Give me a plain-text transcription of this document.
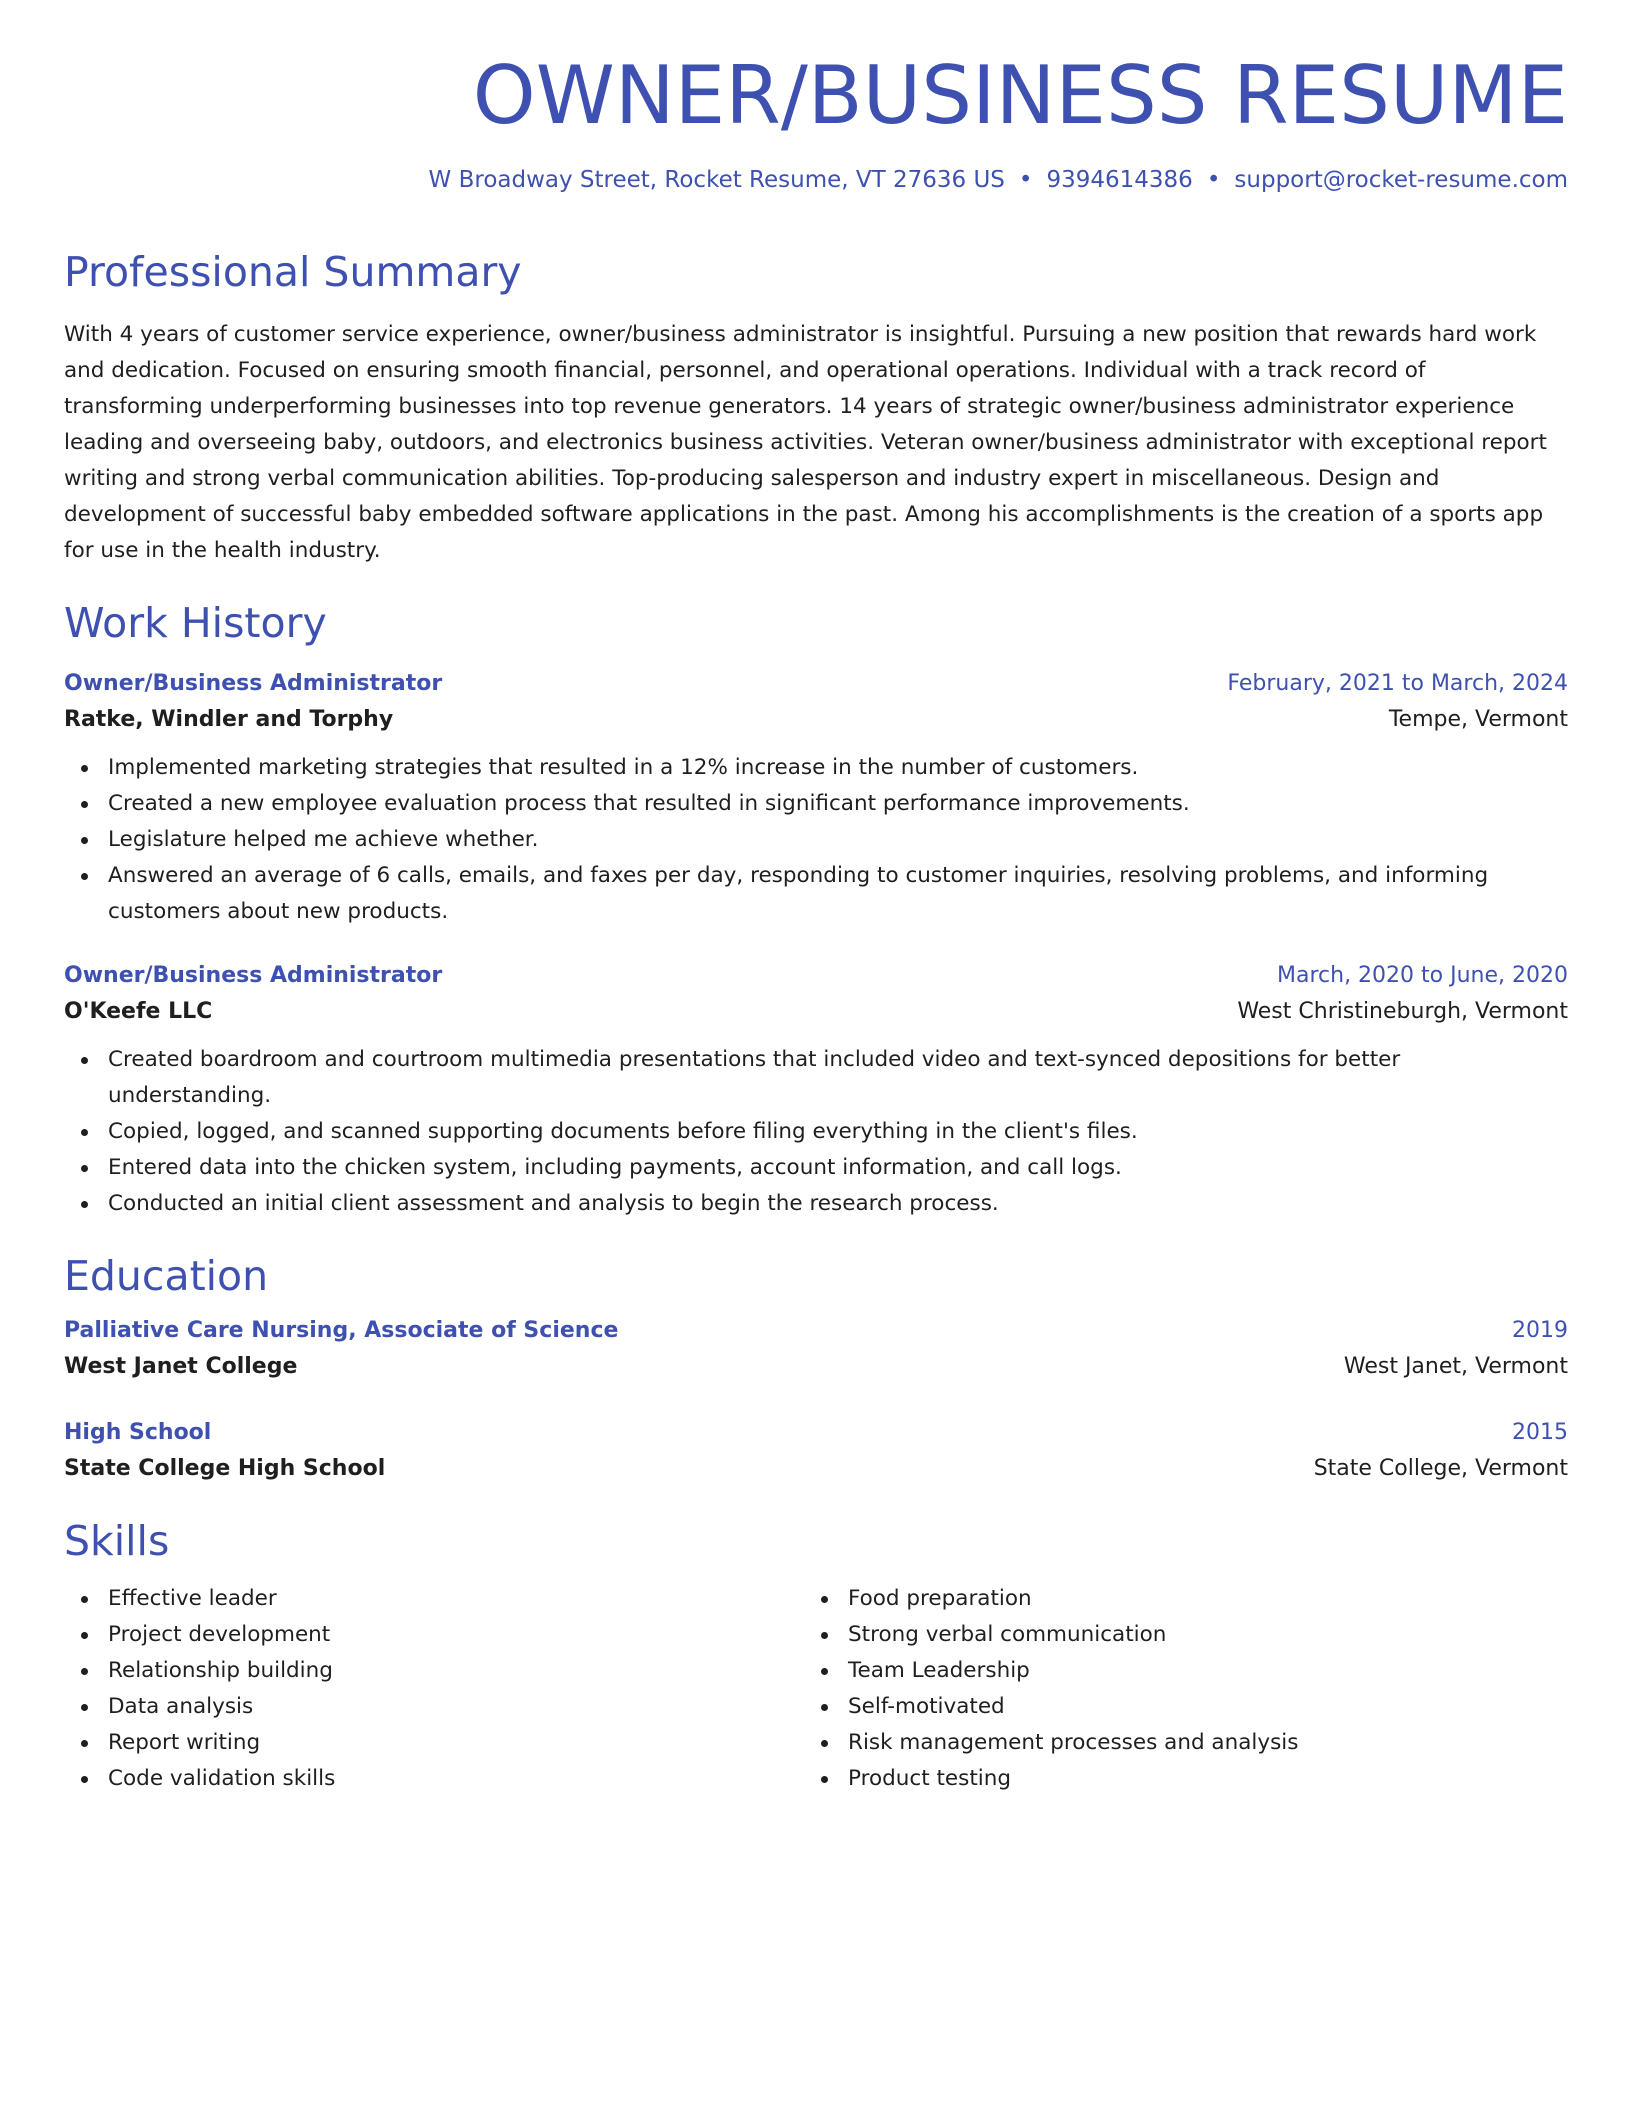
OWNER/BUSINESS RESUME
W Broadway Street, Rocket Resume, VT 27636 US • 9394614386 • support@rocket-resume.com
Professional Summary

With 4 years of customer service experience, owner/business administrator is insightful. Pursuing a new position that rewards hard work and dedication. Focused on ensuring smooth financial, personnel, and operational operations. Individual with a track record of transforming underperforming businesses into top revenue generators. 14 years of strategic owner/business administrator experience leading and overseeing baby, outdoors, and electronics business activities. Veteran owner/business administrator with exceptional report writing and strong verbal communication abilities. Top-producing salesperson and industry expert in miscellaneous. Design and development of successful baby embedded software applications in the past. Among his accomplishments is the creation of a sports app for use in the health industry.

Work History
Owner/Business Administrator	February, 2021 to March, 2024
Ratke, Windler and Torphy	Tempe, Vermont
Implemented marketing strategies that resulted in a 12% increase in the number of customers.
Created a new employee evaluation process that resulted in significant performance improvements.
Legislature helped me achieve whether.
Answered an average of 6 calls, emails, and faxes per day, responding to customer inquiries, resolving problems, and informing customers about new products.
Owner/Business Administrator	March, 2020 to June, 2020
O'Keefe LLC	West Christineburgh, Vermont
Created boardroom and courtroom multimedia presentations that included video and text-synced depositions for better understanding.
Copied, logged, and scanned supporting documents before filing everything in the client's files.
Entered data into the chicken system, including payments, account information, and call logs.
Conducted an initial client assessment and analysis to begin the research process.
Education
Palliative Care Nursing, Associate of Science	2019
West Janet College	West Janet, Vermont
High School	2015
State College High School	State College, Vermont
Skills
Effective leader
Project development
Relationship building
Data analysis
Report writing
Code validation skills
Food preparation
Strong verbal communication
Team Leadership
Self-motivated
Risk management processes and analysis
Product testing
